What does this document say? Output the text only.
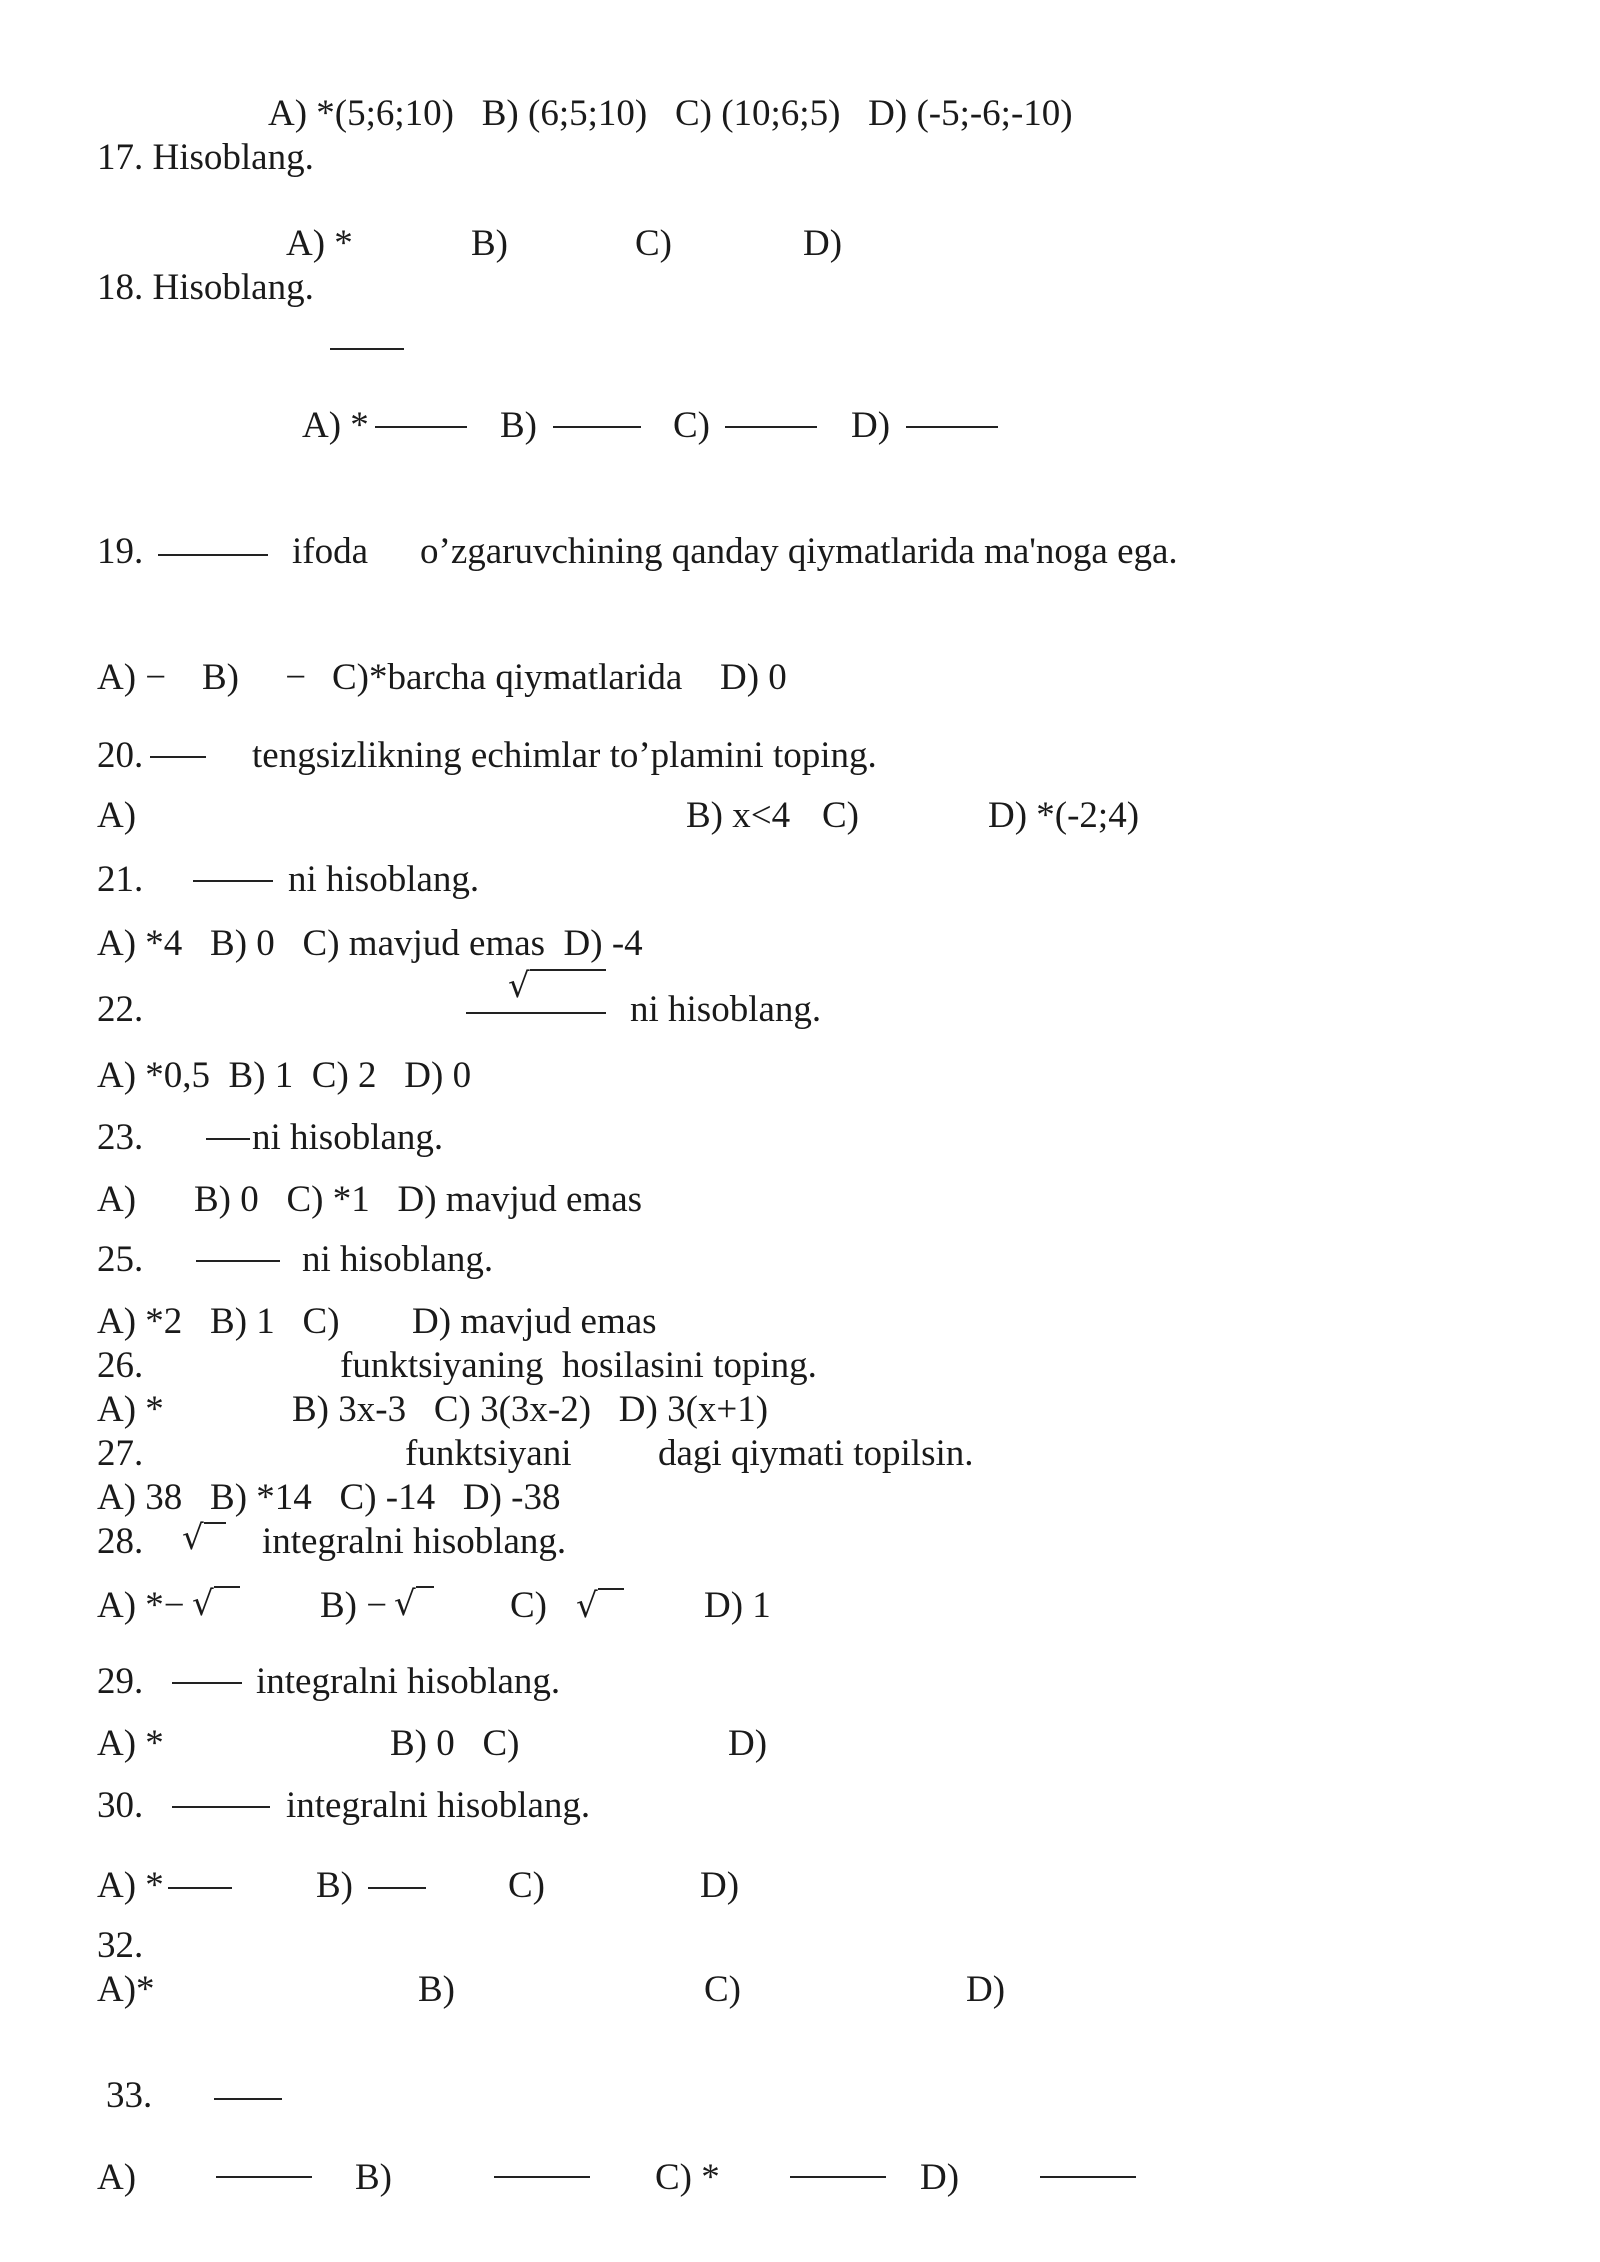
A) *(5;6;10)   B) (6;5;10)   C) (10;6;5)   D) (-5;-6;-10)
17. Hisoblang.
A) *	B)	C)	D)
18. Hisoblang.
A) *	B)	C)	D)
19.	ifoda o’zgaruvchining qanday qiymatlarida ma'noga ega.
A) − B)     − C)*barcha qiymatlarida D) 0
20.	tengsizlikning echimlar to’plamini toping.
A)	B) x<4 C)	D) *(-2;4)
21.	ni hisoblang.
A) *4   B) 0   C) mavjud emas  D) -4
22.
√
ni hisoblang.
A) *0,5  B) 1  C) 2   D) 0
23.	ni hisoblang.
A) B) 0   C) *1   D) mavjud emas
25.	ni hisoblang.
A) *2   B) 1   C) D) mavjud emas
26.	funktsiyaning  hosilasini toping.
A) *	B) 3x-3   C) 3(3x-2)   D) 3(x+1)
27.	funktsiyani dagi qiymati topilsin.
A) 38   B) *14   C) -14   D) -38
28. √ integralni hisoblang.
A) *− √	B) − √	C) √	D) 1
29.	integralni hisoblang.
A) *	B) 0   C)	D)
30.	integralni hisoblang.
A) *	B)	C)	D)
32.
A)*	B)	C)	D)
33.
A)	B)	C) *	D)
